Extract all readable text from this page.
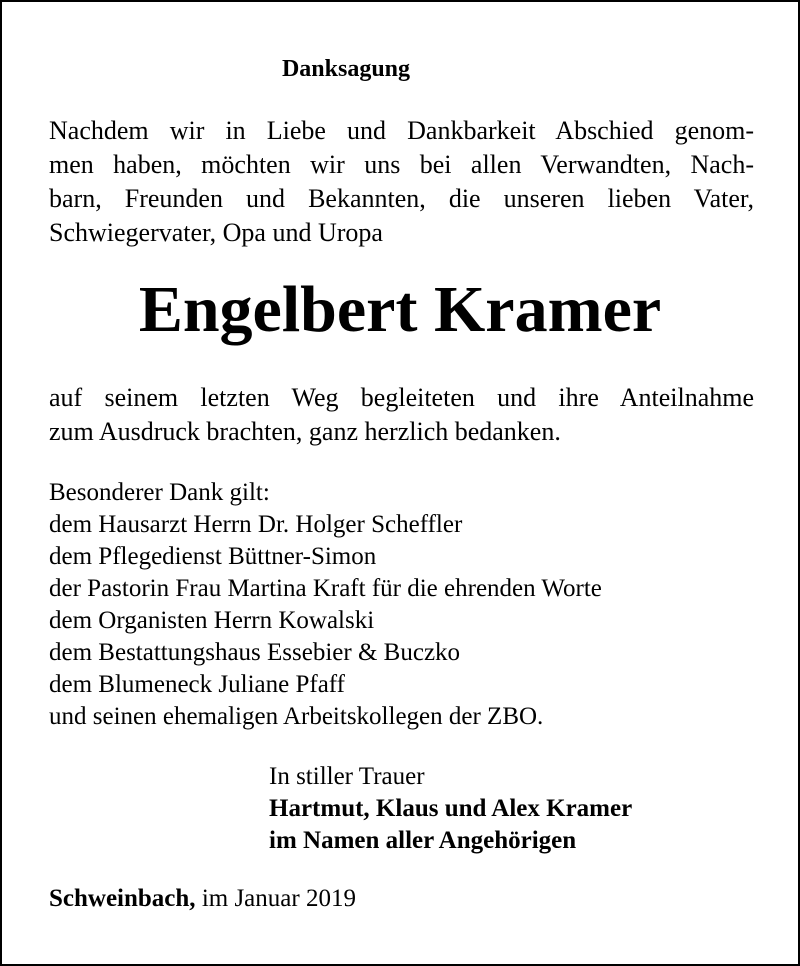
Danksagung
Nachdem wir in Liebe und Dankbarkeit Abschied genom-
men haben, möchten wir uns bei allen Verwandten, Nach-
barn, Freunden und Bekannten, die unseren lieben Vater,
Schwiegervater, Opa und Uropa
Engelbert Kramer
auf seinem letzten Weg begleiteten und ihre Anteilnahme
zum Ausdruck brachten, ganz herzlich bedanken.
Besonderer Dank gilt:
dem Hausarzt Herrn Dr. Holger Scheffler
dem Pflegedienst Büttner-Simon
der Pastorin Frau Martina Kraft für die ehrenden Worte
dem Organisten Herrn Kowalski
dem Bestattungshaus Essebier & Buczko
dem Blumeneck Juliane Pfaff
und seinen ehemaligen Arbeitskollegen der ZBO.
In stiller Trauer
Hartmut, Klaus und Alex Kramer
im Namen aller Angehörigen
Schweinbach, im Januar 2019
